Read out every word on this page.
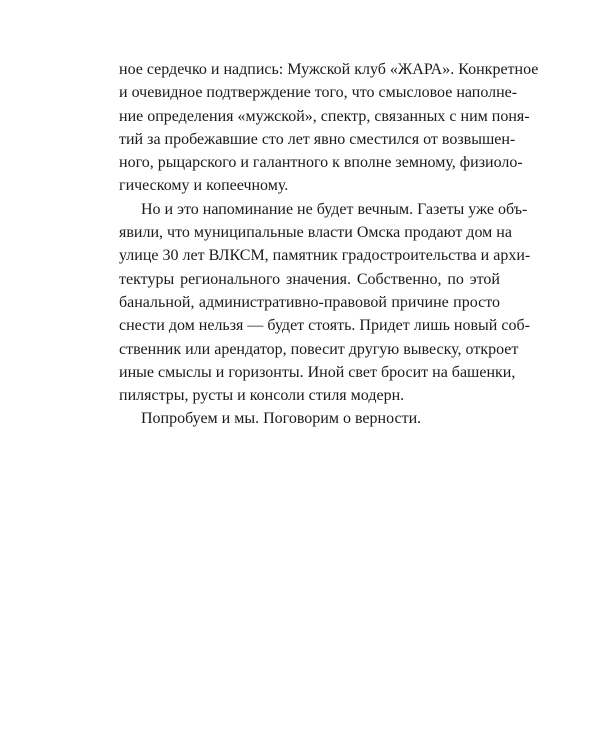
ное сердечко и надпись: Мужской клуб «ЖАРА». Конкретное
и очевидное подтверждение того, что смысловое наполне-
ние определения «мужской», спектр, связанных с ним поня-
тий за пробежавшие сто лет явно сместился от возвышен-
ного, рыцарского и галантного к вполне земному, физиоло-
гическому и копеечному.
Но и это напоминание не будет вечным. Газеты уже объ-
явили, что муниципальные власти Омска продают дом на
улице 30 лет ВЛКСМ, памятник градостроительства и архи-
тектуры регионального значения. Собственно, по этой
банальной, административно-правовой причине просто
снести дом нельзя — будет стоять. Придет лишь новый соб-
ственник или арендатор, повесит другую вывеску, откроет
иные смыслы и горизонты. Иной свет бросит на башенки,
пилястры, русты и консоли стиля модерн.
Попробуем и мы. Поговорим о верности.
